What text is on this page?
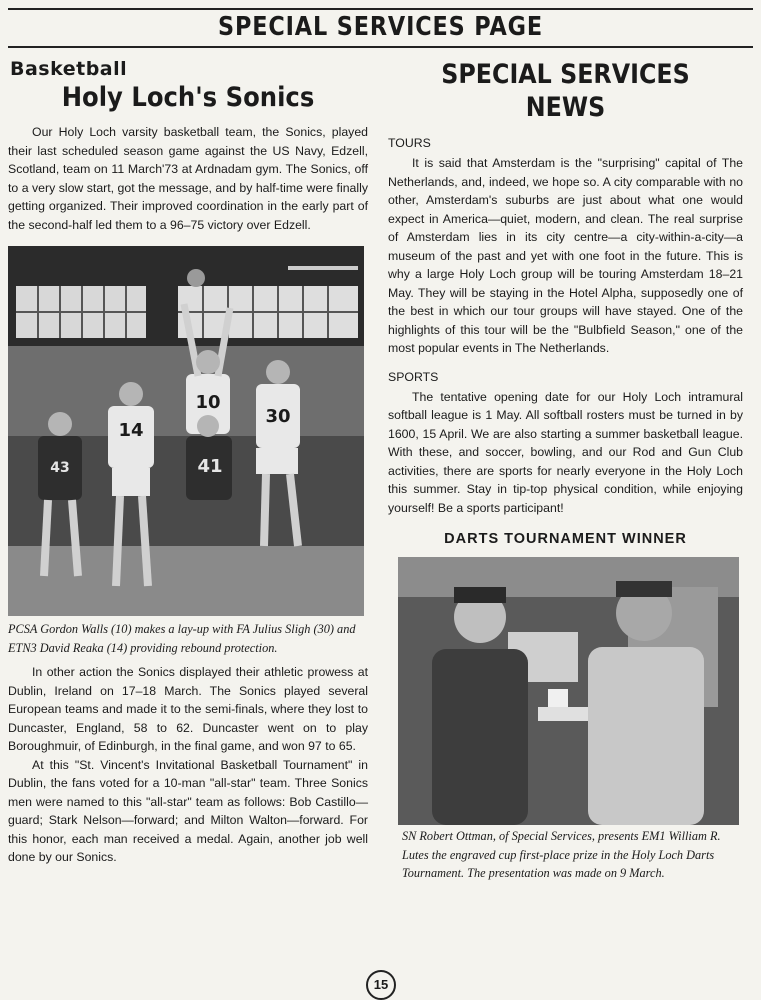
SPECIAL SERVICES PAGE
Basketball
Holy Loch's Sonics

Our Holy Loch varsity basketball team, the Sonics, played their last scheduled season game against the US Navy, Edzell, Scotland, team on 11 March'73 at Ardnadam gym. The Sonics, off to a very slow start, got the message, and by half-time were finally getting organized. Their improved coordination in the early part of the second-half led them to a 96–75 victory over Edzell.

14
10
30
41
43

PCSA Gordon Walls (10) makes a lay-up with FA Julius Sligh (30) and ETN3 David Reaka (14) providing rebound protection.

In other action the Sonics displayed their athletic prowess at Dublin, Ireland on 17–18 March. The Sonics played several European teams and made it to the semi-finals, where they lost to Duncaster, England, 58 to 62. Duncaster went on to play Boroughmuir, of Edinburgh, in the final game, and won 97 to 65.

At this "St. Vincent's Invitational Basketball Tournament" in Dublin, the fans voted for a 10-man "all-star" team. Three Sonics men were named to this "all-star" team as follows: Bob Castillo—guard; Stark Nelson—forward; and Milton Walton—forward. For this honor, each man received a medal. Again, another job well done by our Sonics.

SPECIAL SERVICES
NEWS
TOURS

It is said that Amsterdam is the "surprising" capital of The Netherlands, and, indeed, we hope so. A city comparable with no other, Amsterdam's suburbs are just about what one would expect in America—quiet, modern, and clean. The real surprise of Amsterdam lies in its city centre—a city-within-a-city—a museum of the past and yet with one foot in the future. This is why a large Holy Loch group will be touring Amsterdam 18–21 May. They will be staying in the Hotel Alpha, supposedly one of the best in which our tour groups will have stayed. One of the highlights of this tour will be the "Bulbfield Season," one of the most popular events in The Netherlands.

SPORTS

The tentative opening date for our Holy Loch intramural softball league is 1 May. All softball rosters must be turned in by 1600, 15 April. We are also starting a summer basketball league. With these, and soccer, bowling, and our Rod and Gun Club activities, there are sports for nearly everyone in the Holy Loch this summer. Stay in tip-top physical condition, while enjoying yourself! Be a sports participant!

DARTS TOURNAMENT WINNER

SN Robert Ottman, of Special Services, presents EM1 William R. Lutes the engraved cup first-place prize in the Holy Loch Darts Tournament. The presentation was made on 9 March.

15
